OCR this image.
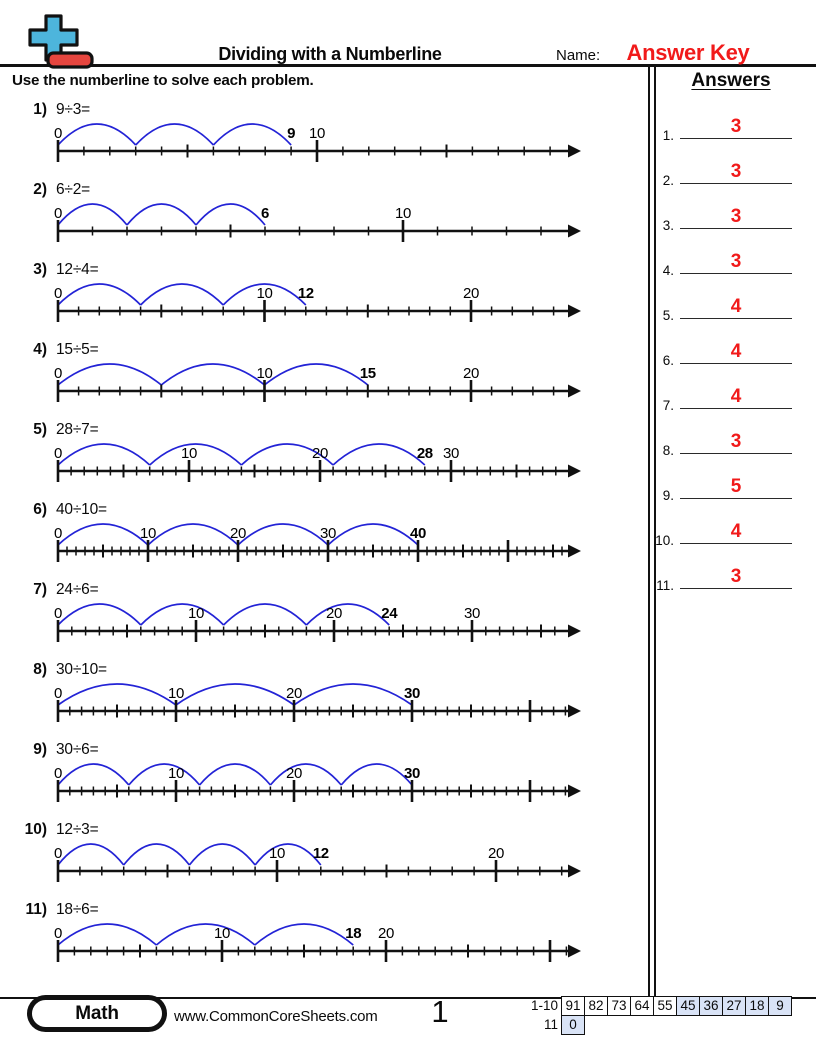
Dividing with a Numberline	Name:	Answer Key
Use the numberline to solve each problem.
1) 9÷3=
0	9 10
2) 6÷2=
0	6	10
3) 12÷4=
0	10 12	20
4) 15÷5=
0	10	15	20
5) 28÷7=
0	10	20	28 30
6) 40÷10=
0	10	20	30	40
7) 24÷6=
0	10	20	24	30
8) 30÷10=
0	10	20	30
9) 30÷6=
0	10	20	30
10) 12÷3=
0	10 12	20
11) 18÷6=
0	10	18 20
Answers
1.	3
2.	3
3.	3
4.	3
5.	4
6.	4
7.	4
8.	3
9.	5
10.	4
11.	3
Math	www.CommonCoreSheets.com	1	1-10 91 82 73 64 55 45 36 27 18 9
11 0
